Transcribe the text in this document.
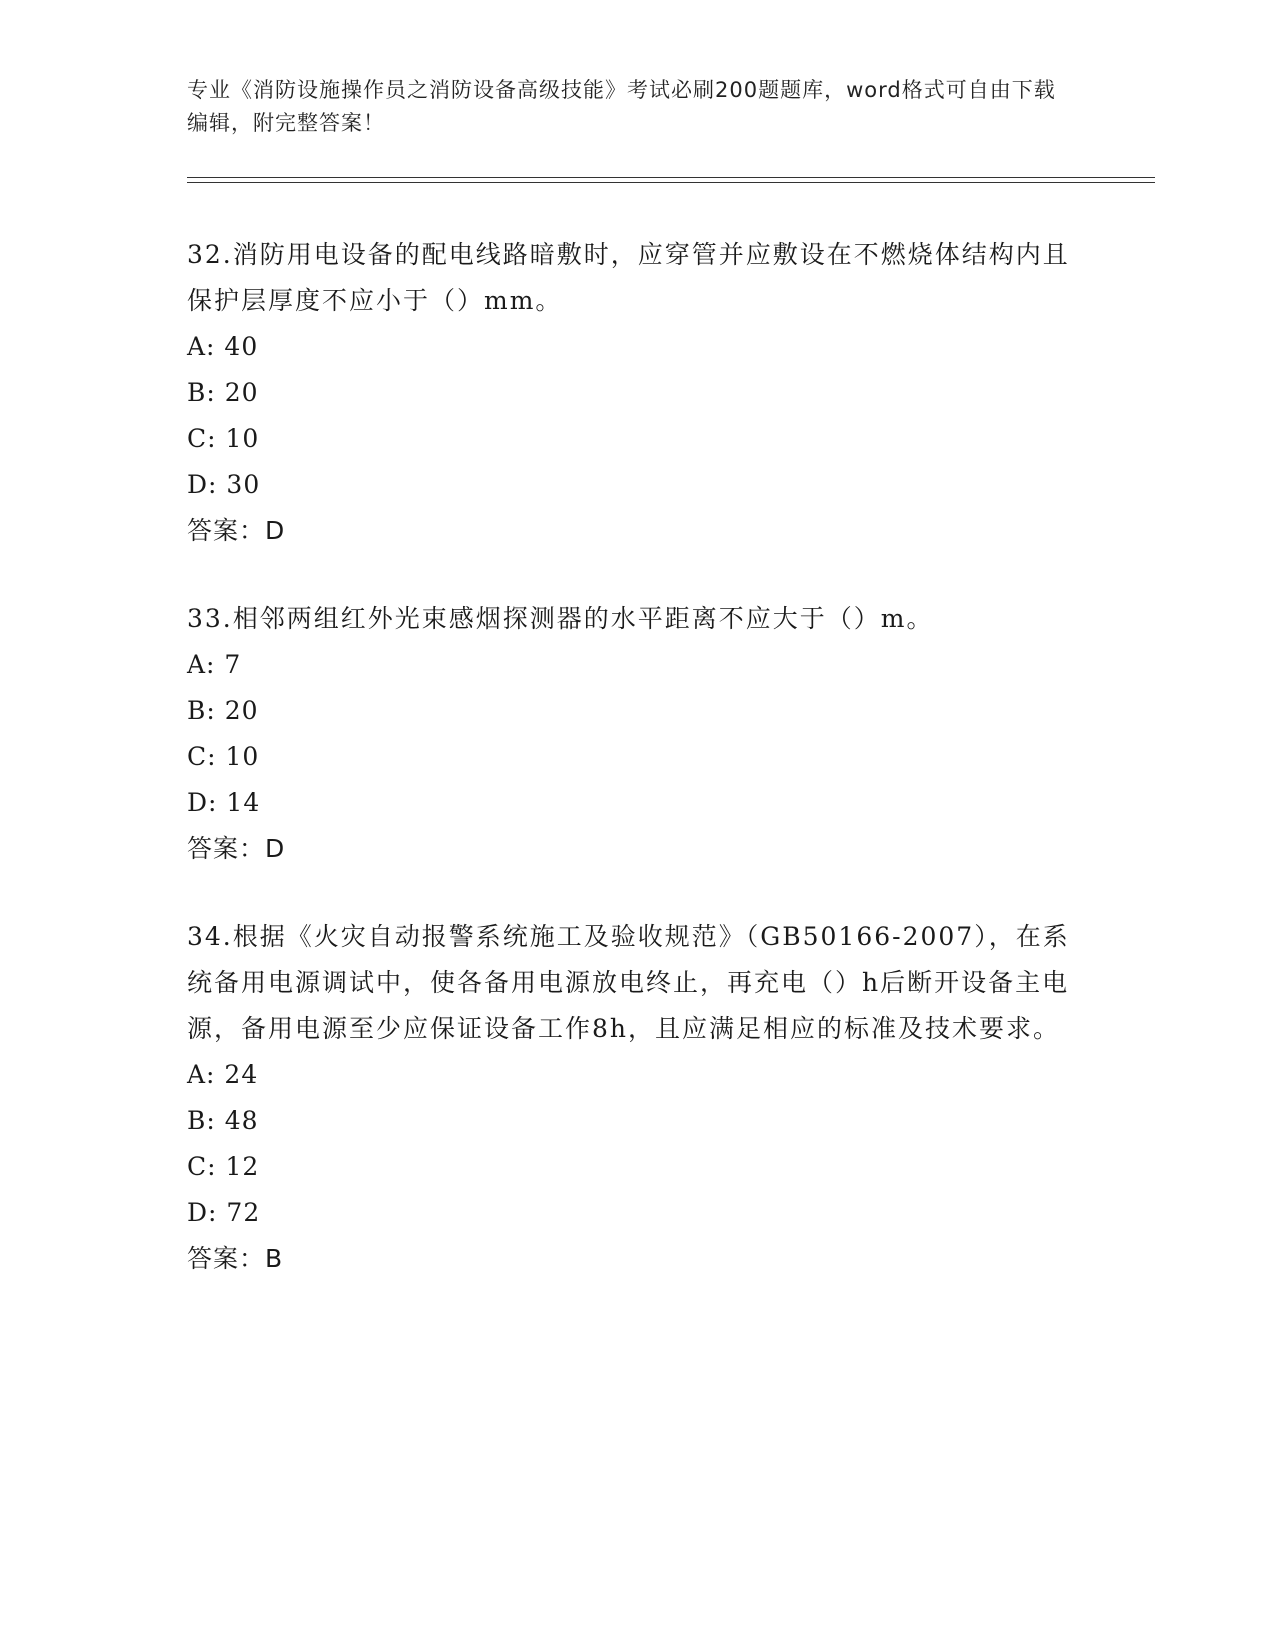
专业《消防设施操作员之消防设备高级技能》考试必刷200题题库，word格式可自由下载编辑，附完整答案！

32.消防用电设备的配电线路暗敷时，应穿管并应敷设在不燃烧体结构内且保护层厚度不应小于（）mm。

A: 40

B: 20

C: 10

D: 30

答案：D

33.相邻两组红外光束感烟探测器的水平距离不应大于（）m。

A: 7

B: 20

C: 10

D: 14

答案：D

34.根据《火灾自动报警系统施工及验收规范》（GB50166-2007），在系统备用电源调试中，使各备用电源放电终止，再充电（）h后断开设备主电源，备用电源至少应保证设备工作8h，且应满足相应的标准及技术要求。

A: 24

B: 48

C: 12

D: 72

答案：B
